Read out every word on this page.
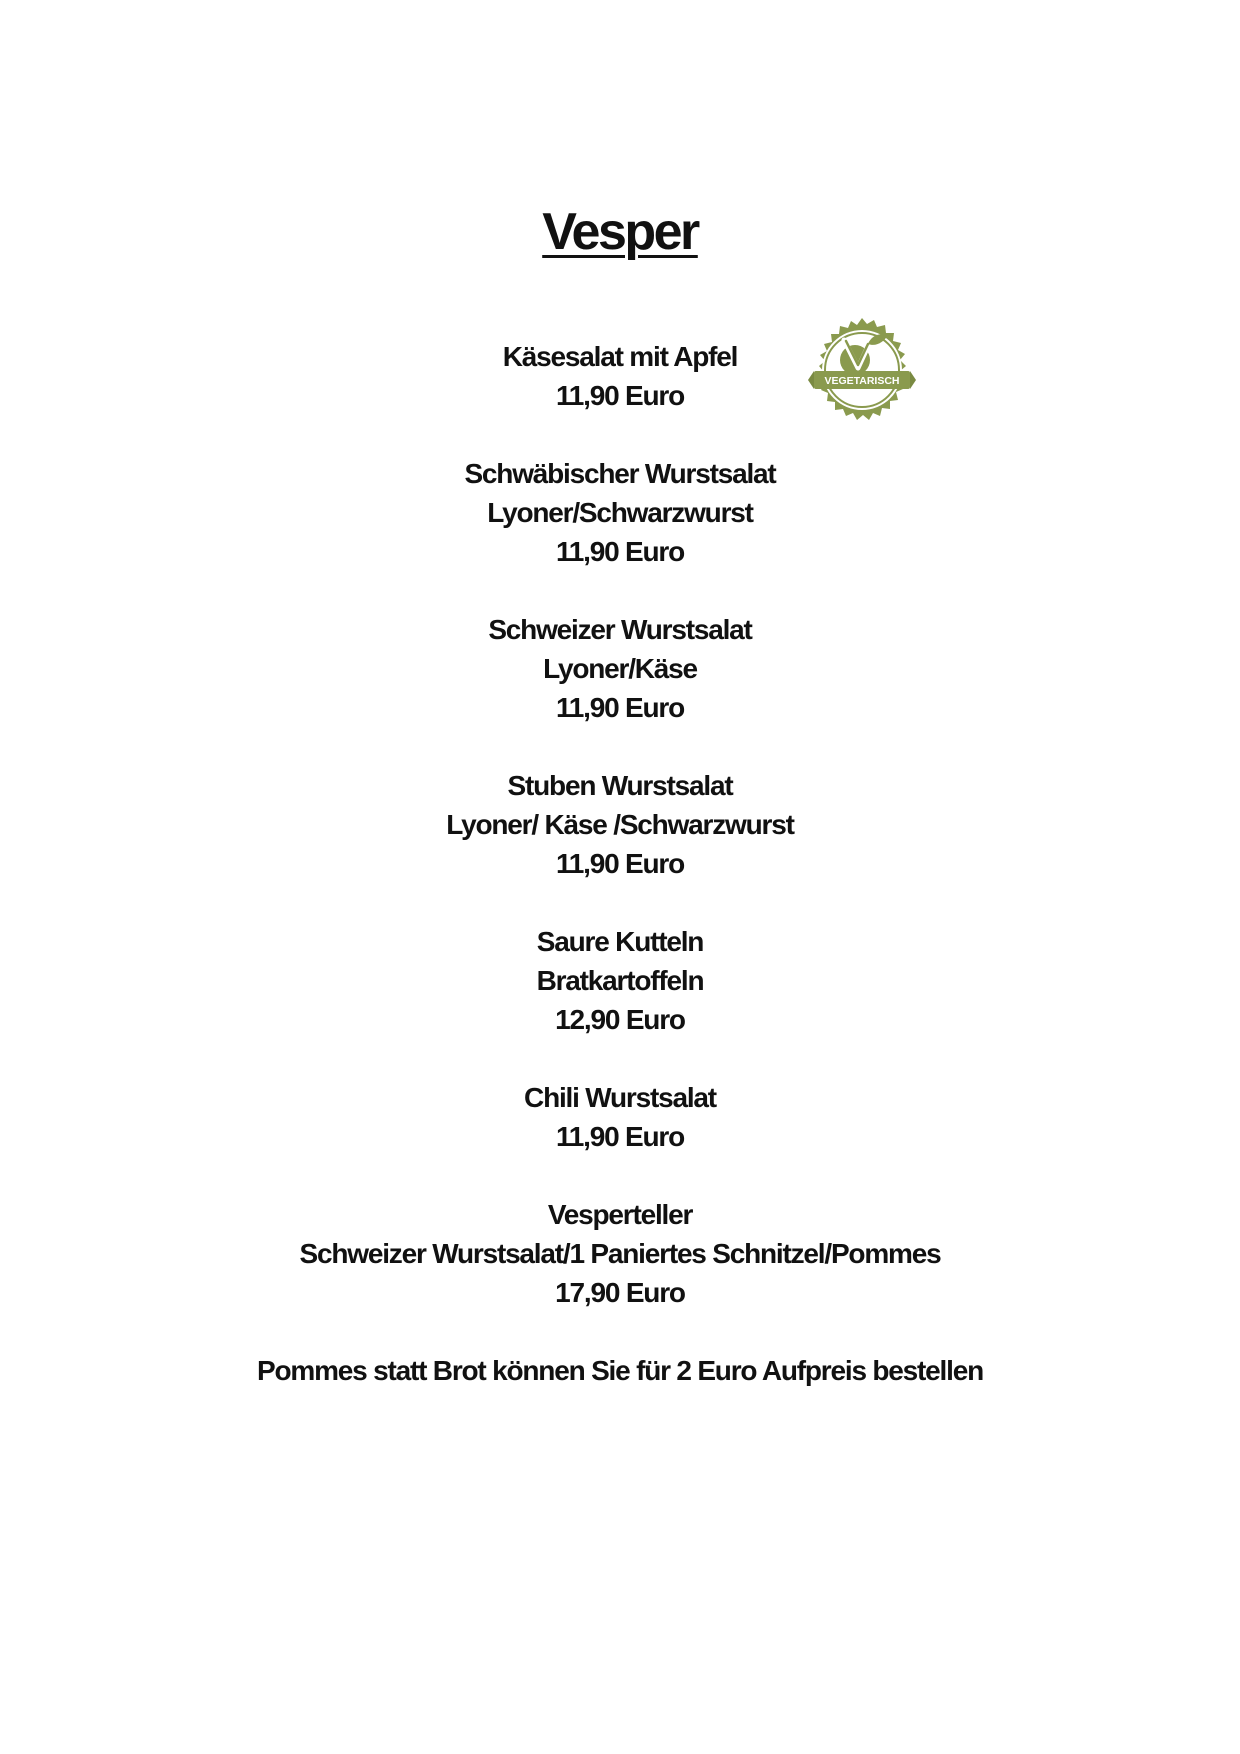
Vesper
Käsesalat mit Apfel
11,90 Euro
Schwäbischer Wurstsalat
Lyoner/Schwarzwurst
11,90 Euro
Schweizer Wurstsalat
Lyoner/Käse
11,90 Euro
Stuben Wurstsalat
Lyoner/ Käse /Schwarzwurst
11,90 Euro
Saure Kutteln
Bratkartoffeln
12,90 Euro
Chili Wurstsalat
11,90 Euro
Vesperteller
Schweizer Wurstsalat/1 Paniertes Schnitzel/Pommes
17,90 Euro
Pommes statt Brot können Sie für 2 Euro Aufpreis bestellen
VEGETARISCH
